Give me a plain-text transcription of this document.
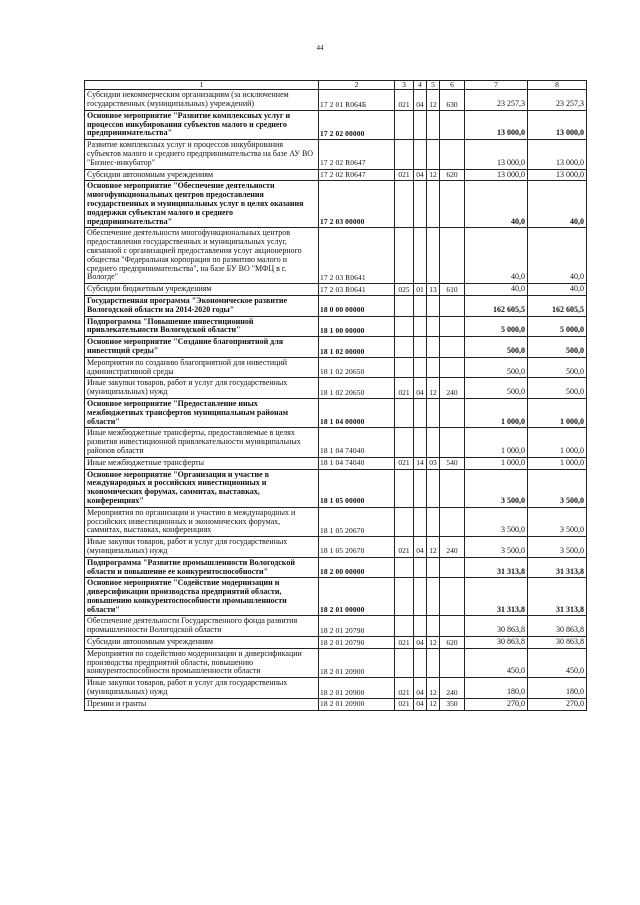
44
1	2	3	4	5	6	7	8
Субсидии некоммерческим организациям (за исключением государственных (муниципальных) учреждений)	17 2 01 R064Б	021	04	12	630	23 257,3	23 257,3
Основное мероприятие "Развитие комплексных услуг и процессов инкубирования субъектов малого и среднего предпринимательства"	17 2 02 00000					13 000,0	13 000,0
Развитие комплексных услуг и процессов инкубирования субъектов малого и среднего предпринимательства на базе АУ ВО "Бизнес-инкубатор"	17 2 02 R0647					13 000,0	13 000,0
Субсидии автономным учреждениям	17 2 02 R0647	021	04	12	620	13 000,0	13 000,0
Основное мероприятие "Обеспечение деятельности многофункциональных центров предоставления государственных и муниципальных услуг в целях оказания поддержки субъектам малого и среднего предпринимательства"	17 2 03 00000					40,0	40,0
Обеспечение деятельности многофункциональных центров предоставления государственных и муниципальных услуг, связанной с организацией предоставления услуг акционерного общества "Федеральная корпорация по развитию малого и среднего предпринимательства", на базе БУ ВО "МФЦ в г. Вологде"	17 2 03 R0641					40,0	40,0
Субсидии бюджетным учреждениям	17 2 03 R0641	025	01	13	610	40,0	40,0
Государственная программа "Экономическое развитие Вологодской области на 2014-2020 годы"	18 0 00 00000					162 605,5	162 605,5
Подпрограмма "Повышение инвестиционной привлекательности Вологодской области"	18 1 00 00000					5 000,0	5 000,0
Основное мероприятие "Создание благоприятной для инвестиций среды"	18 1 02 00000					500,0	500,0
Мероприятия по созданию благоприятной для инвестиций административной среды	18 1 02 20650					500,0	500,0
Иные закупки товаров, работ и услуг для государственных (муниципальных) нужд	18 1 02 20650	021	04	12	240	500,0	500,0
Основное мероприятие "Предоставление иных межбюджетных трансфертов муниципальным районам области"	18 1 04 00000					1 000,0	1 000,0
Иные межбюджетные трансферты, предоставляемые в целях развития инвестиционной привлекательности муниципальных районов области	18 1 04 74040					1 000,0	1 000,0
Иные межбюджетные трансферты	18 1 04 74040	021	14	03	540	1 000,0	1 000,0
Основное мероприятие "Организация и участие в международных и российских инвестиционных и экономических форумах, саммитах, выставках, конференциях"	18 1 05 00000					3 500,0	3 500,0
Мероприятия по организации и участию в международных и российских инвестиционных и экономических форумах, саммитах, выставках, конференциях	18 1 05 20670					3 500,0	3 500,0
Иные закупки товаров, работ и услуг для государственных (муниципальных) нужд	18 1 05 20670	021	04	12	240	3 500,0	3 500,0
Подпрограмма "Развитие промышленности Вологодской области и повышение ее конкурентоспособности"	18 2 00 00000					31 313,8	31 313,8
Основное мероприятие "Содействие модернизации и диверсификации производства предприятий области, повышению конкурентоспособности промышленности области"	18 2 01 00000					31 313,8	31 313,8
Обеспечение деятельности Государственного фонда развития промышленности Вологодской области	18 2 01 20790					30 863,8	30 863,8
Субсидии автономным учреждениям	18 2 01 20790	021	04	12	620	30 863,8	30 863,8
Мероприятия по содействию модернизации и диверсификации производства предприятий области, повышению конкурентоспособности промышленности области	18 2 01 20900					450,0	450,0
Иные закупки товаров, работ и услуг для государственных (муниципальных) нужд	18 2 01 20900	021	04	12	240	180,0	180,0
Премии и гранты	18 2 01 20900	021	04	12	350	270,0	270,0
